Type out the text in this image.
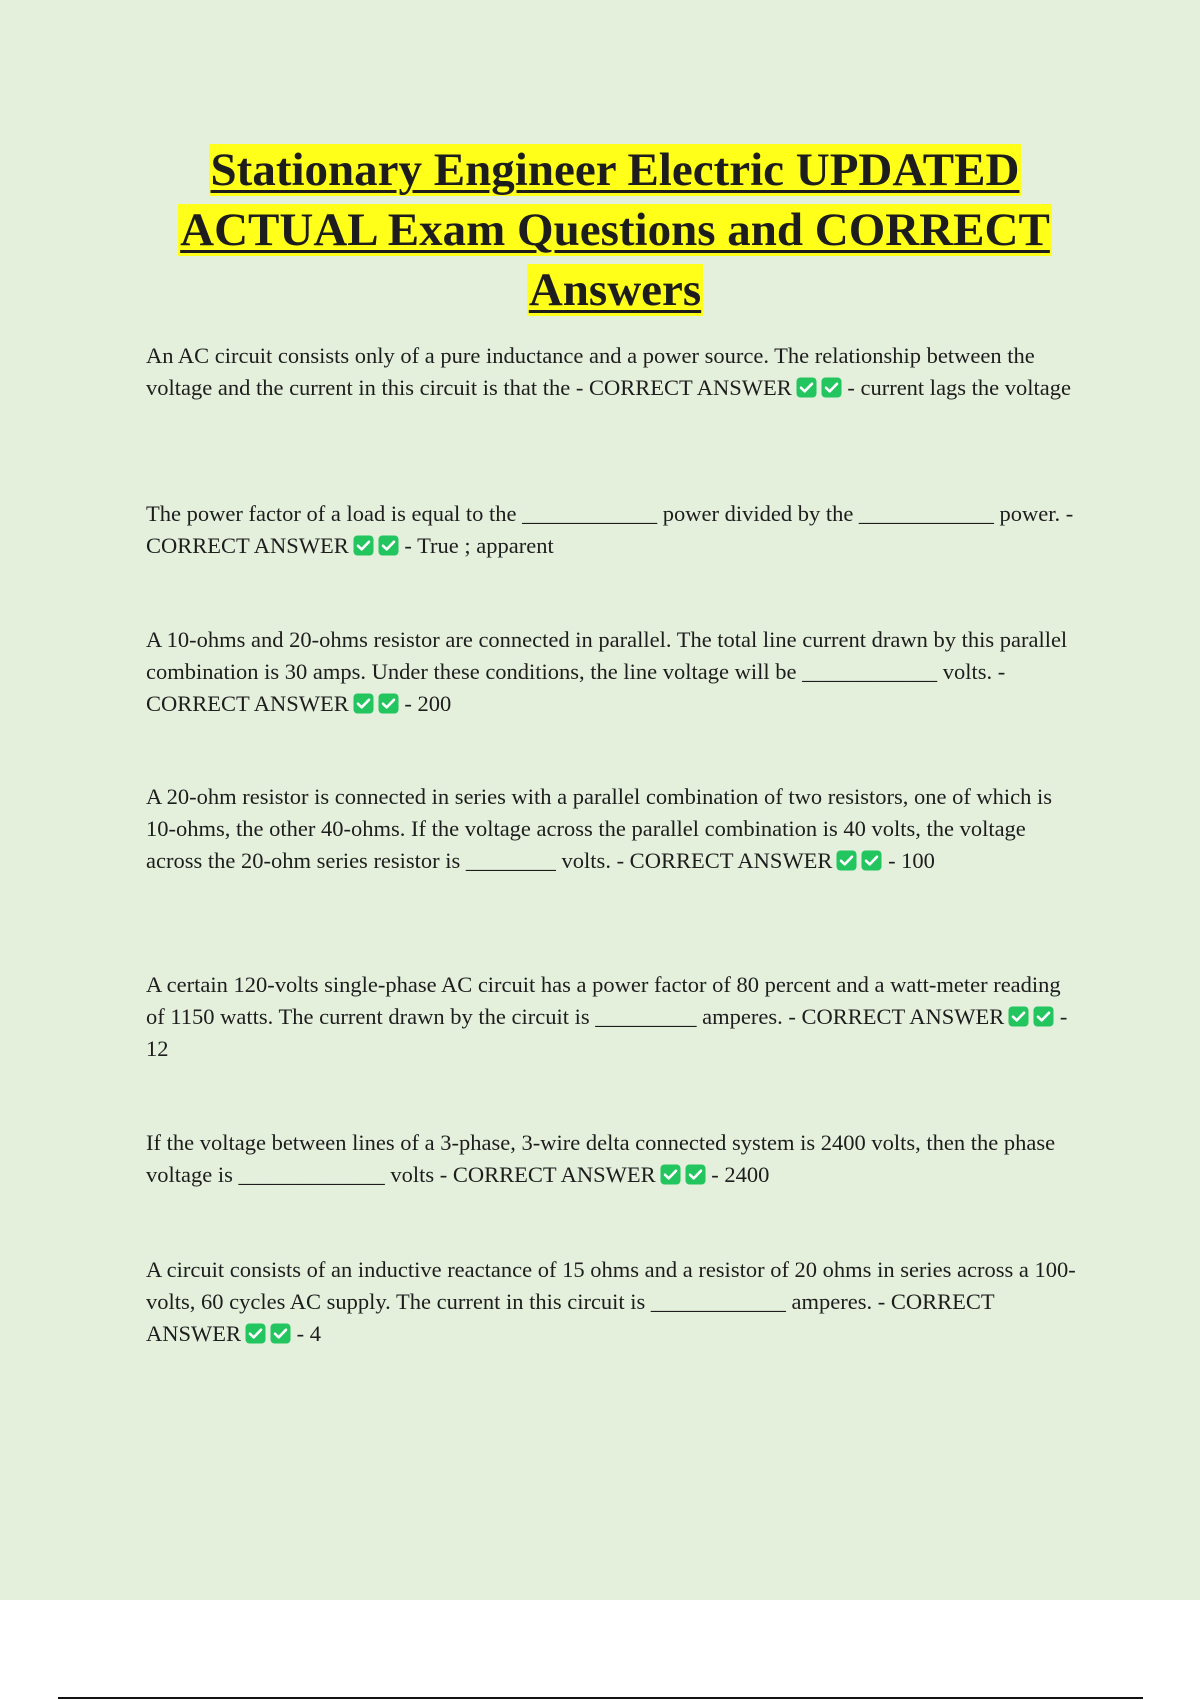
Stationary Engineer Electric UPDATED ACTUAL Exam Questions and CORRECT Answers

An AC circuit consists only of a pure inductance and a power source. The relationship between the voltage and the current in this circuit is that the - CORRECT ANSWER - current lags the voltage

The power factor of a load is equal to the ____________ power divided by the ____________ power. - CORRECT ANSWER - True ; apparent

A 10-ohms and 20-ohms resistor are connected in parallel. The total line current drawn by this parallel combination is 30 amps. Under these conditions, the line voltage will be ____________ volts. - CORRECT ANSWER - 200

A 20-ohm resistor is connected in series with a parallel combination of two resistors, one of which is 10-ohms, the other 40-ohms. If the voltage across the parallel combination is 40 volts, the voltage across the 20-ohm series resistor is ________ volts. - CORRECT ANSWER - 100

A certain 120-volts single-phase AC circuit has a power factor of 80 percent and a watt-meter reading of 1150 watts. The current drawn by the circuit is _________ amperes. - CORRECT ANSWER - 12

If the voltage between lines of a 3-phase, 3-wire delta connected system is 2400 volts, then the phase voltage is _____________ volts - CORRECT ANSWER - 2400

A circuit consists of an inductive reactance of 15 ohms and a resistor of 20 ohms in series across a 100-volts, 60 cycles AC supply. The current in this circuit is ____________ amperes. - CORRECT ANSWER - 4
